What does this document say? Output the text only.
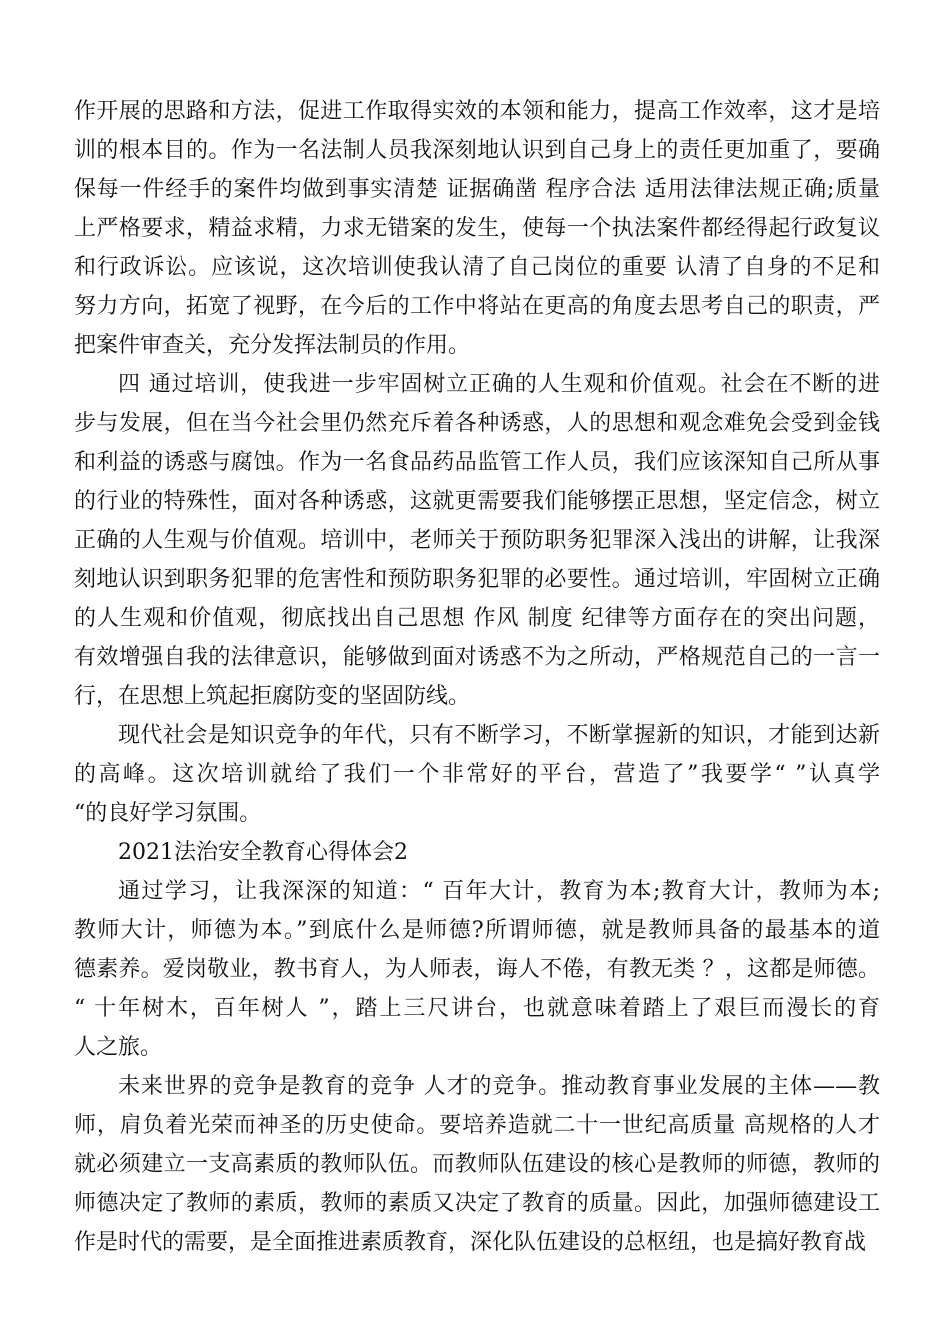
作开展的思路和方法，促进工作取得实效的本领和能力，提高工作效率，这才是培
训的根本目的。作为一名法制人员我深刻地认识到自己身上的责任更加重了，要确
保每一件经手的案件均做到事实清楚 证据确凿 程序合法 适用法律法规正确;质量
上严格要求，精益求精，力求无错案的发生，使每一个执法案件都经得起行政复议
和行政诉讼。应该说，这次培训使我认清了自己岗位的重要 认清了自身的不足和
努力方向，拓宽了视野，在今后的工作中将站在更高的角度去思考自己的职责，严
把案件审查关，充分发挥法制员的作用。
四 通过培训，使我进一步牢固树立正确的人生观和价值观。社会在不断的进
步与发展，但在当今社会里仍然充斥着各种诱惑，人的思想和观念难免会受到金钱
和利益的诱惑与腐蚀。作为一名食品药品监管工作人员，我们应该深知自己所从事
的行业的特殊性，面对各种诱惑，这就更需要我们能够摆正思想，坚定信念，树立
正确的人生观与价值观。培训中，老师关于预防职务犯罪深入浅出的讲解，让我深
刻地认识到职务犯罪的危害性和预防职务犯罪的必要性。通过培训，牢固树立正确
的人生观和价值观，彻底找出自己思想 作风 制度 纪律等方面存在的突出问题，
有效增强自我的法律意识，能够做到面对诱惑不为之所动，严格规范自己的一言一
行，在思想上筑起拒腐防变的坚固防线。
现代社会是知识竞争的年代，只有不断学习，不断掌握新的知识，才能到达新
的高峰。这次培训就给了我们一个非常好的平台，营造了”我要学“ ”认真学
“的良好学习氛围。
2021法治安全教育心得体会2
通过学习，让我深深的知道：“ 百年大计，教育为本;教育大计，教师为本;
教师大计，师德为本。”到底什么是师德?所谓师德，就是教师具备的最基本的道
德素养。爱岗敬业，教书育人，为人师表，诲人不倦，有教无类 ？，这都是师德。
“ 十年树木，百年树人 ”，踏上三尺讲台，也就意味着踏上了艰巨而漫长的育
人之旅。
未来世界的竞争是教育的竞争 人才的竞争。推动教育事业发展的主体——教
师，肩负着光荣而神圣的历史使命。要培养造就二十一世纪高质量 高规格的人才
就必须建立一支高素质的教师队伍。而教师队伍建设的核心是教师的师德，教师的
师德决定了教师的素质，教师的素质又决定了教育的质量。因此，加强师德建设工
作是时代的需要，是全面推进素质教育，深化队伍建设的总枢纽，也是搞好教育战
